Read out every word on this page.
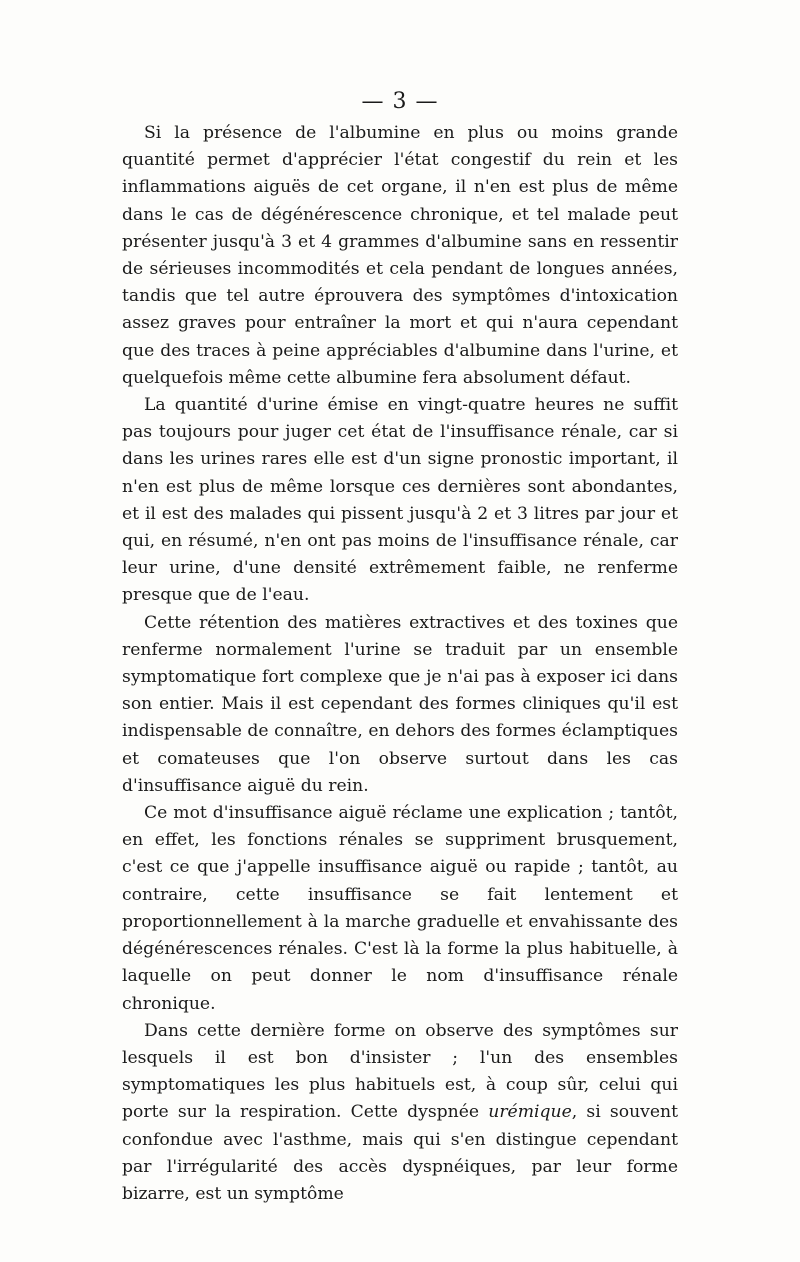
— 3 —

Si la présence de l'albumine en plus ou moins grande quantité permet d'apprécier l'état congestif du rein et les inflammations aiguës de cet organe, il n'en est plus de même dans le cas de dégénérescence chronique, et tel malade peut présenter jusqu'à 3 et 4 grammes d'albumine sans en ressentir de sérieuses incommodités et cela pendant de longues années, tandis que tel autre éprouvera des symptômes d'intoxication assez graves pour entraîner la mort et qui n'aura cependant que des traces à peine appréciables d'albumine dans l'urine, et quelquefois même cette albumine fera absolument défaut.

La quantité d'urine émise en vingt-quatre heures ne suffit pas toujours pour juger cet état de l'insuffisance rénale, car si dans les urines rares elle est d'un signe pronostic important, il n'en est plus de même lorsque ces dernières sont abondantes, et il est des malades qui pissent jusqu'à 2 et 3 litres par jour et qui, en résumé, n'en ont pas moins de l'insuffisance rénale, car leur urine, d'une densité extrêmement faible, ne renferme presque que de l'eau.

Cette rétention des matières extractives et des toxines que renferme normalement l'urine se traduit par un ensemble symptomatique fort complexe que je n'ai pas à exposer ici dans son entier. Mais il est cependant des formes cliniques qu'il est indispensable de connaître, en dehors des formes éclamptiques et comateuses que l'on observe surtout dans les cas d'insuffisance aiguë du rein.

Ce mot d'insuffisance aiguë réclame une explication ; tantôt, en effet, les fonctions rénales se suppriment brusquement, c'est ce que j'appelle insuffisance aiguë ou rapide ; tantôt, au contraire, cette insuffisance se fait lentement et proportionnellement à la marche graduelle et envahissante des dégénérescences rénales. C'est là la forme la plus habituelle, à laquelle on peut donner le nom d'insuffisance rénale chronique.

Dans cette dernière forme on observe des symptômes sur lesquels il est bon d'insister ; l'un des ensembles symptomatiques les plus habituels est, à coup sûr, celui qui porte sur la respiration. Cette dyspnée urémique, si souvent confondue avec l'asthme, mais qui s'en distingue cependant par l'irrégularité des accès dyspnéiques, par leur forme bizarre, est un symptôme
